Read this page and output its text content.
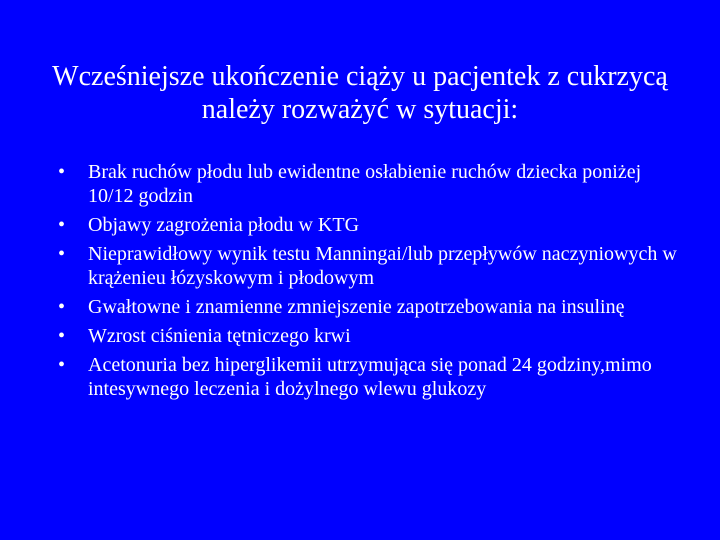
Wcześniejsze ukończenie ciąży u pacjentek z cukrzycą należy rozważyć w sytuacji:
•	Brak ruchów płodu lub ewidentne osłabienie ruchów dziecka poniżej 10/12 godzin
•	Objawy zagrożenia płodu w KTG
•	Nieprawidłowy wynik testu Manningai/lub przepływów naczyniowych w krążenieu łózyskowym i płodowym
•	Gwałtowne i znamienne zmniejszenie zapotrzebowania na insulinę
•	Wzrost ciśnienia tętniczego krwi
•	Acetonuria bez hiperglikemii utrzymująca się ponad 24 godziny,mimo intesywnego leczenia i dożylnego wlewu glukozy
